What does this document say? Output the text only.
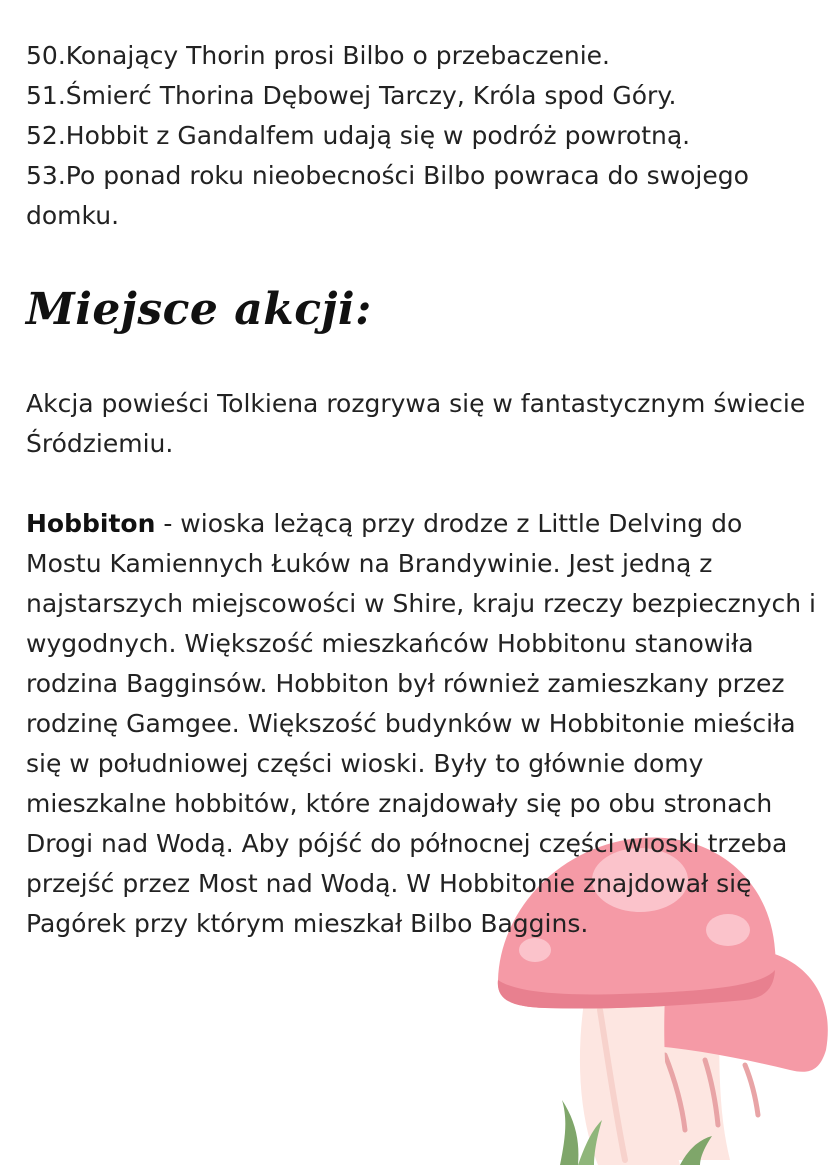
50 . Konający Thorin prosi Bilbo o przebaczenie.
51 . Śmierć Thorina Dębowej Tarczy, Króla spod Góry.
52 . Hobbit z Gandalfem udają się w podróż powrotną.
53 . Po ponad roku nieobecności Bilbo powraca do swojego domku.
Miejsce akcji:

Akcja powieści Tolkiena rozgrywa się w fantastycznym świecie Śródziemiu.

Hobbiton - wioska leżącą przy drodze z Little Delving do Mostu Kamiennych Łuków na Brandywinie. Jest jedną z najstarszych miejscowości w Shire, kraju rzeczy bezpiecznych i wygodnych. Większość mieszkańców Hobbitonu stanowiła rodzina Bagginsów. Hobbiton był również zamieszkany przez rodzinę Gamgee. Większość budynków w Hobbitonie mieściła się w południowej części wioski. Były to głównie domy mieszkalne hobbitów, które znajdowały się po obu stronach Drogi nad Wodą. Aby pójść do północnej części wioski trzeba przejść przez Most nad Wodą. W Hobbitonie znajdował się Pagórek przy którym mieszkał Bilbo Baggins.
